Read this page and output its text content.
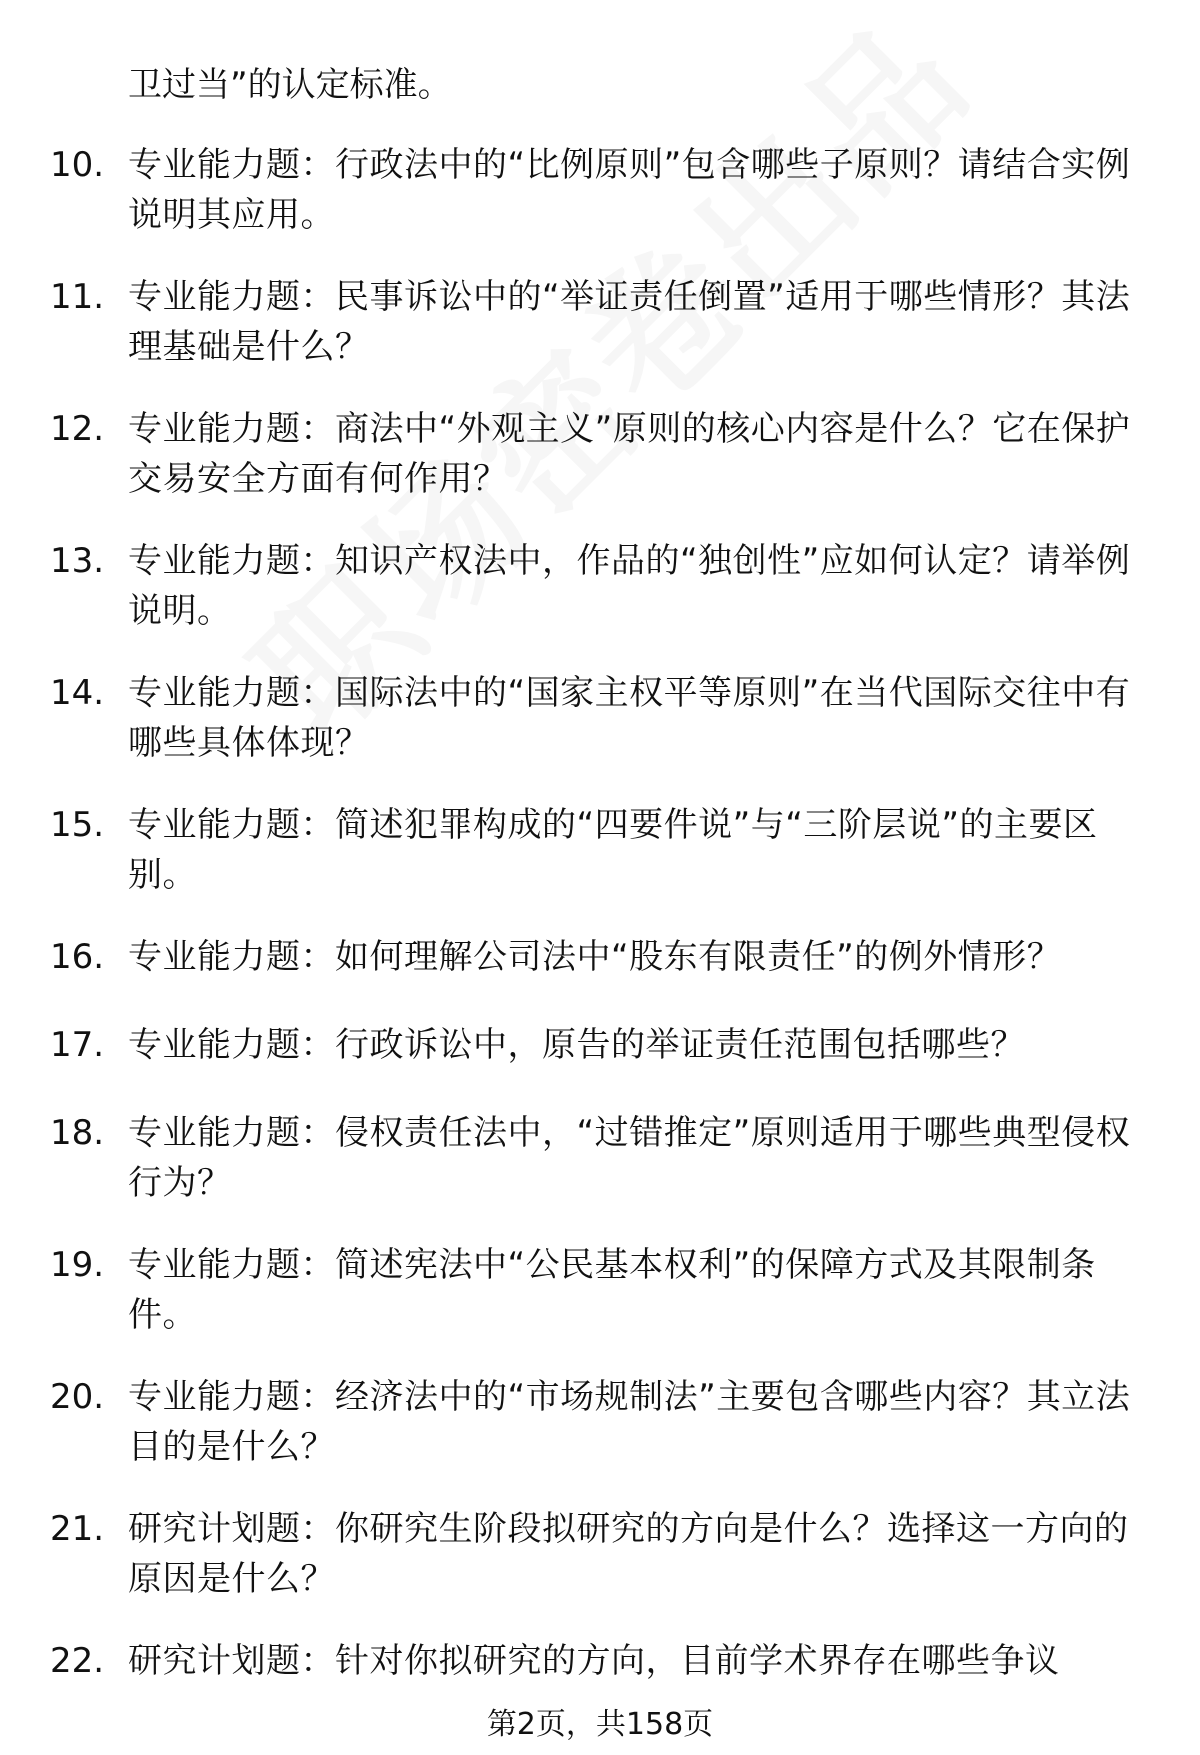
卫过当”的认定标准。
10. 专业能力题：行政法中的“比例原则”包含哪些子原则？请结合实例说明其应用。
11. 专业能力题：民事诉讼中的“举证责任倒置”适用于哪些情形？其法理基础是什么？
12. 专业能力题：商法中“外观主义”原则的核心内容是什么？它在保护交易安全方面有何作用？
13. 专业能力题：知识产权法中，作品的“独创性”应如何认定？请举例说明。
14. 专业能力题：国际法中的“国家主权平等原则”在当代国际交往中有哪些具体体现？
15. 专业能力题：简述犯罪构成的“四要件说”与“三阶层说”的主要区别。
16. 专业能力题：如何理解公司法中“股东有限责任”的例外情形？
17. 专业能力题：行政诉讼中，原告的举证责任范围包括哪些？
18. 专业能力题：侵权责任法中，“过错推定”原则适用于哪些典型侵权行为？
19. 专业能力题：简述宪法中“公民基本权利”的保障方式及其限制条件。
20. 专业能力题：经济法中的“市场规制法”主要包含哪些内容？其立法目的是什么？
21. 研究计划题：你研究生阶段拟研究的方向是什么？选择这一方向的原因是什么？
22. 研究计划题：针对你拟研究的方向，目前学术界存在哪些争议
第2页，共158页
